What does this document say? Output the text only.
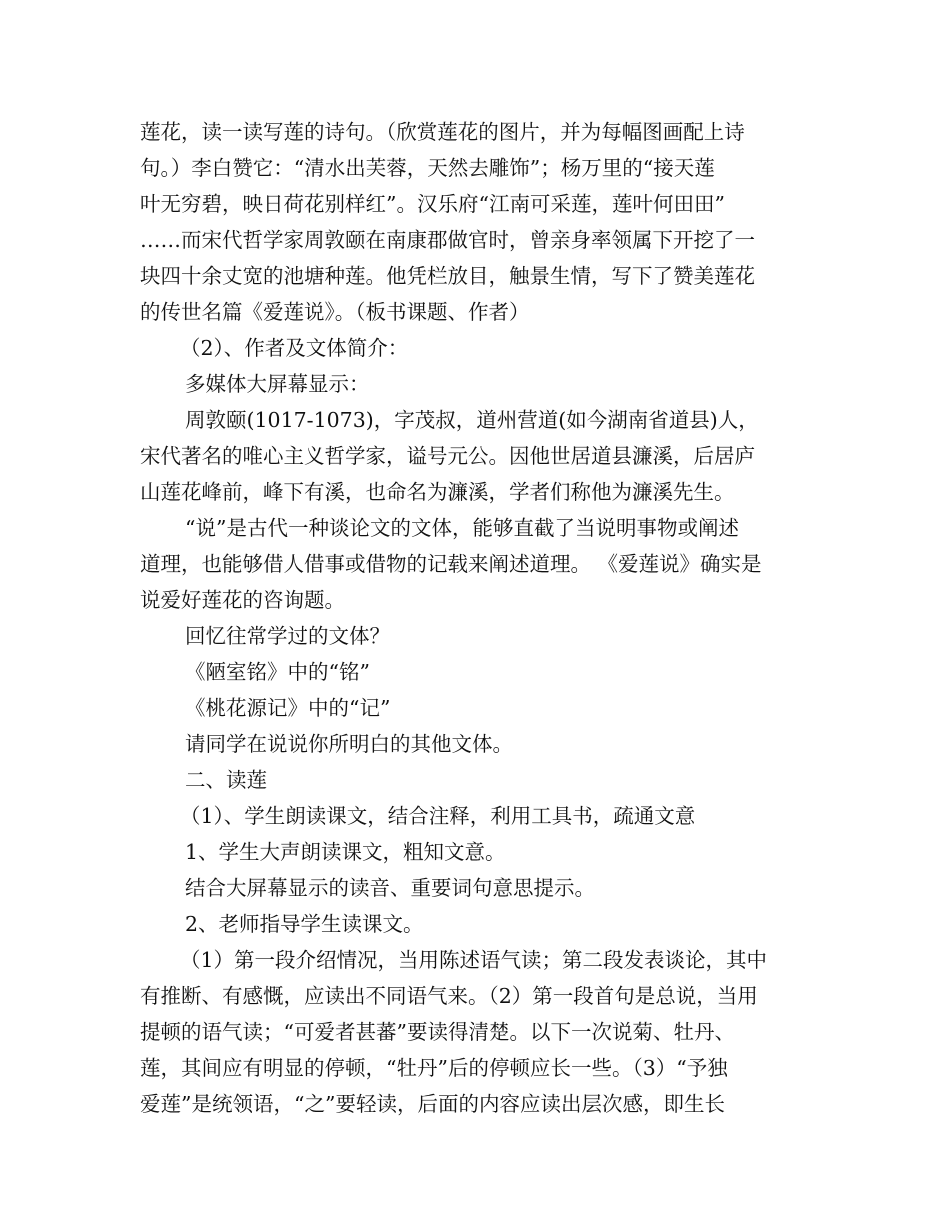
莲花，读一读写莲的诗句。（欣赏莲花的图片，并为每幅图画配上诗
句。）李白赞它：“清水出芙蓉，天然去雕饰”；杨万里的“接天莲
叶无穷碧，映日荷花别样红”。汉乐府“江南可采莲，莲叶何田田”
……而宋代哲学家周敦颐在南康郡做官时，曾亲身率领属下开挖了一
块四十余丈宽的池塘种莲。他凭栏放目，触景生情，写下了赞美莲花
的传世名篇《爱莲说》。（板书课题、作者）
（2）、作者及文体简介：
多媒体大屏幕显示：
周敦颐(1017-1073)，字茂叔，道州营道(如今湖南省道县)人，
宋代著名的唯心主义哲学家，谥号元公。因他世居道县濂溪，后居庐
山莲花峰前，峰下有溪，也命名为濂溪，学者们称他为濂溪先生。
“说”是古代一种谈论文的文体，能够直截了当说明事物或阐述
道理，也能够借人借事或借物的记载来阐述道理。 《爱莲说》确实是
说爱好莲花的咨询题。
回忆往常学过的文体？
《陋室铭》中的“铭”
《桃花源记》中的“记”
请同学在说说你所明白的其他文体。
二、读莲
（1）、学生朗读课文，结合注释，利用工具书，疏通文意
1、学生大声朗读课文，粗知文意。
结合大屏幕显示的读音、重要词句意思提示。
2、老师指导学生读课文。
（1）第一段介绍情况，当用陈述语气读；第二段发表谈论，其中
有推断、有感慨，应读出不同语气来。（2）第一段首句是总说，当用
提顿的语气读；“可爱者甚蕃”要读得清楚。以下一次说菊、牡丹、
莲，其间应有明显的停顿，“牡丹”后的停顿应长一些。（3）“予独
爱莲”是统领语，“之”要轻读，后面的内容应读出层次感，即生长
